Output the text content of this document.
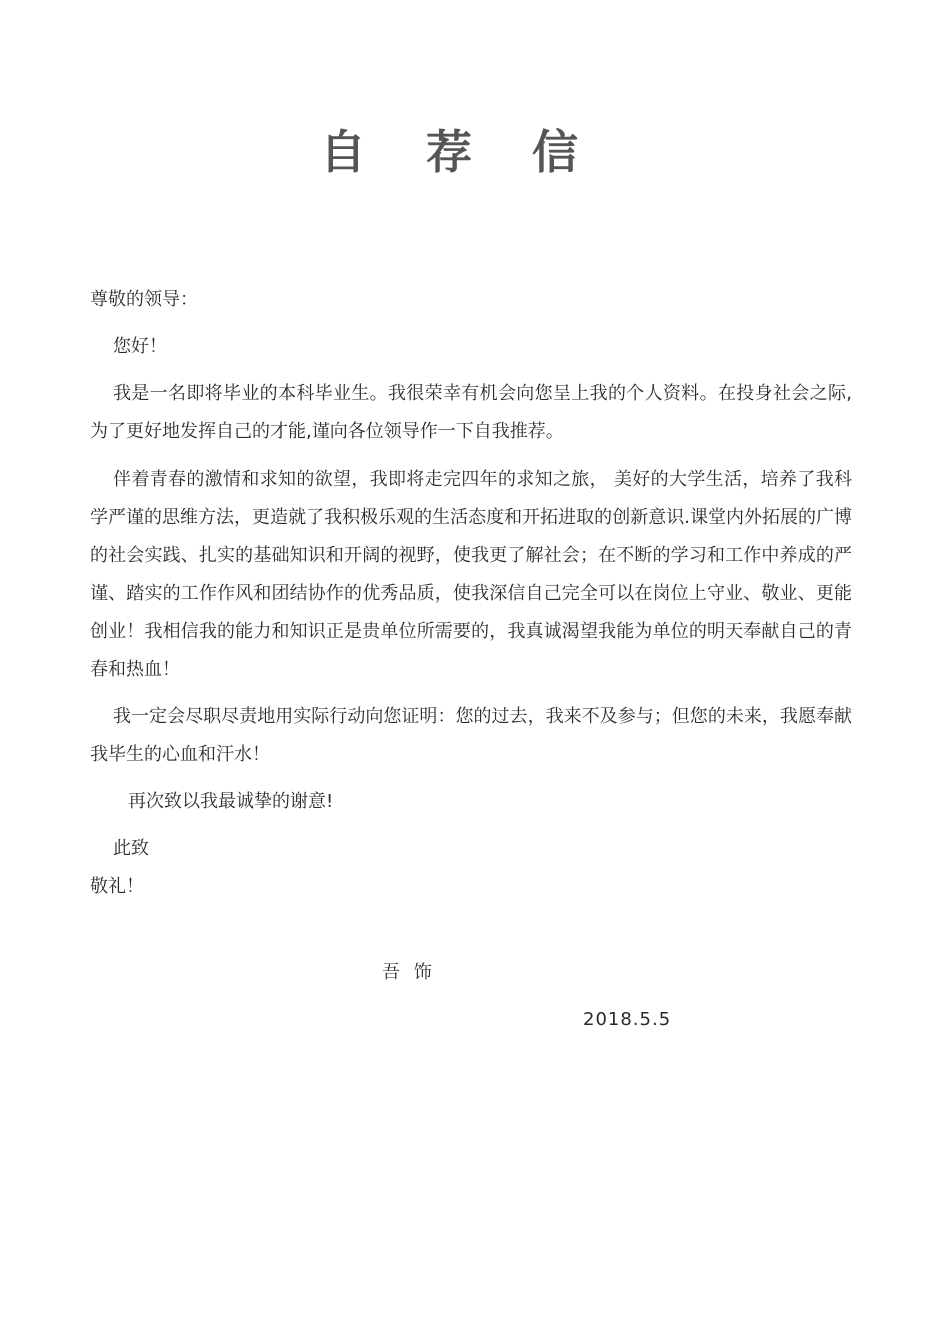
自 荐 信
尊敬的领导：

您好！

我是一名即将毕业的本科毕业生。我很荣幸有机会向您呈上我的个人资料。在投身社会之际,为了更好地发挥自己的才能,谨向各位领导作一下自我推荐。

伴着青春的激情和求知的欲望，我即将走完四年的求知之旅， 美好的大学生活，培养了我科学严谨的思维方法，更造就了我积极乐观的生活态度和开拓进取的创新意识.课堂内外拓展的广博的社会实践、扎实的基础知识和开阔的视野，使我更了解社会；在不断的学习和工作中养成的严谨、踏实的工作作风和团结协作的优秀品质，使我深信自己完全可以在岗位上守业、敬业、更能创业！我相信我的能力和知识正是贵单位所需要的，我真诚渴望我能为单位的明天奉献自己的青春和热血！

我一定会尽职尽责地用实际行动向您证明：您的过去，我来不及参与；但您的未来，我愿奉献我毕生的心血和汗水！

再次致以我最诚挚的谢意!
此致
敬礼！
吾 饰
2018.5.5
